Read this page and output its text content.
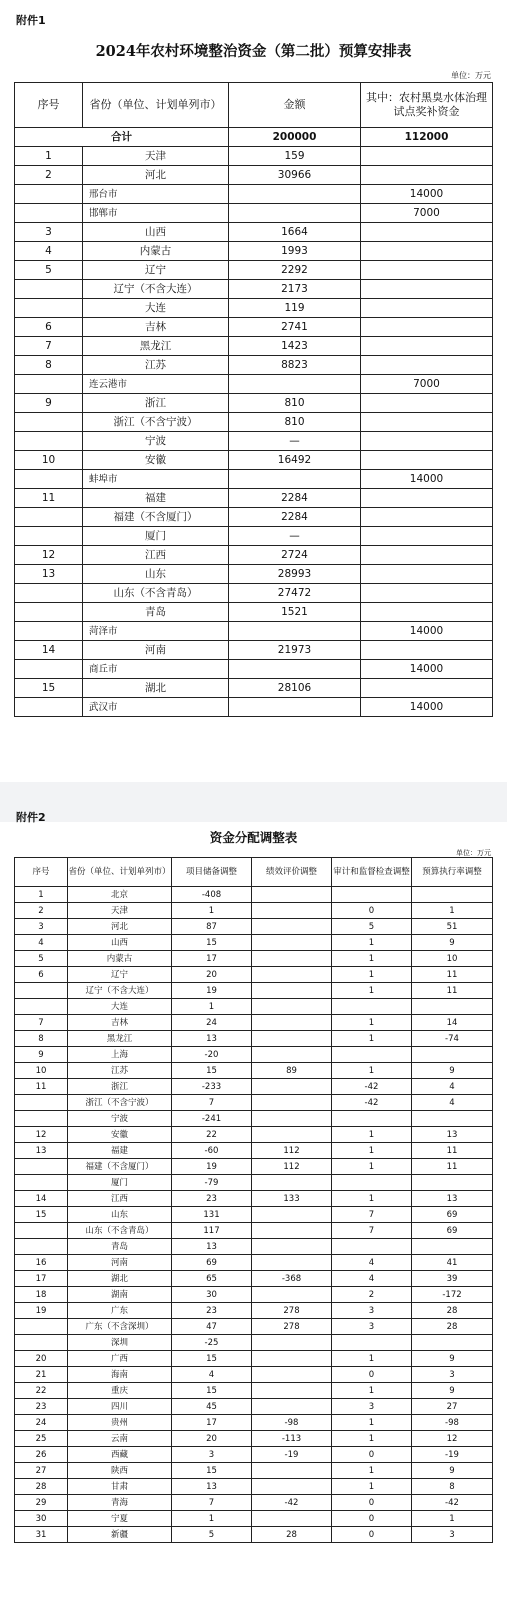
附件1
2024年农村环境整治资金（第二批）预算安排表
单位：万元
序号	省份（单位、计划单列市）	金额	其中：农村黑臭水体治理试点奖补资金
合计		200000	112000
1	天津	159	
2	河北	30966	
	邢台市		14000
	邯郸市		7000
3	山西	1664	
4	内蒙古	1993	
5	辽宁	2292	
	辽宁（不含大连）	2173	
	大连	119	
6	吉林	2741	
7	黑龙江	1423	
8	江苏	8823	
	连云港市		7000
9	浙江	810	
	浙江（不含宁波）	810	
	宁波	—	
10	安徽	16492	
	蚌埠市		14000
11	福建	2284	
	福建（不含厦门）	2284	
	厦门	—	
12	江西	2724	
13	山东	28993	
	山东（不含青岛）	27472	
	青岛	1521	
	菏泽市		14000
14	河南	21973	
	商丘市		14000
15	湖北	28106	
	武汉市		14000
附件2
资金分配调整表
单位：万元
序号	省份（单位、计划单列市）	项目储备调整	绩效评价调整	审计和监督检查调整	预算执行率调整
1	北京	-408			
2	天津	1		0	1
3	河北	87		5	51
4	山西	15		1	9
5	内蒙古	17		1	10
6	辽宁	20		1	11
	辽宁（不含大连）	19		1	11
	大连	1			
7	吉林	24		1	14
8	黑龙江	13		1	-74
9	上海	-20			
10	江苏	15	89	1	9
11	浙江	-233		-42	4
	浙江（不含宁波）	7		-42	4
	宁波	-241			
12	安徽	22		1	13
13	福建	-60	112	1	11
	福建（不含厦门）	19	112	1	11
	厦门	-79			
14	江西	23	133	1	13
15	山东	131		7	69
	山东（不含青岛）	117		7	69
	青岛	13			
16	河南	69		4	41
17	湖北	65	-368	4	39
18	湖南	30		2	-172
19	广东	23	278	3	28
	广东（不含深圳）	47	278	3	28
	深圳	-25			
20	广西	15		1	9
21	海南	4		0	3
22	重庆	15		1	9
23	四川	45		3	27
24	贵州	17	-98	1	-98
25	云南	20	-113	1	12
26	西藏	3	-19	0	-19
27	陕西	15		1	9
28	甘肃	13		1	8
29	青海	7	-42	0	-42
30	宁夏	1		0	1
31	新疆	5	28	0	3
